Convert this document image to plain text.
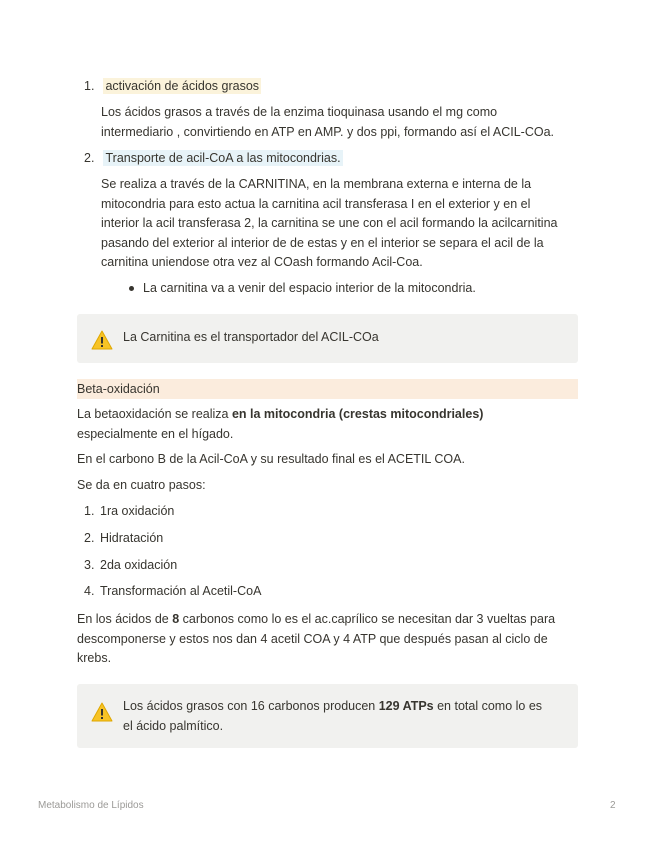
1. activación de ácidos grasos
Los ácidos grasos a través de la enzima tioquinasa usando el mg como
intermediario , convirtiendo en ATP en AMP. y dos ppi, formando así el ACIL-COa.
2. Transporte de acil-CoA a las mitocondrias.
Se realiza a través de la CARNITINA, en la membrana externa e interna de la
mitocondria para esto actua la carnitina acil transferasa I en el exterior y en el
interior la acil transferasa 2, la carnitina se une con el acil formando la acilcarnitina
pasando del exterior al interior de de estas y en el interior se separa el acil de la
carnitina uniendose otra vez al COash formando Acil-Coa.
La carnitina va a venir del espacio interior de la mitocondria.
La Carnitina es el transportador del ACIL-COa
Beta-oxidación
La betaoxidación se realiza en la mitocondria (crestas mitocondriales)
especialmente en el hígado.
En el carbono B de la Acil-CoA y su resultado final es el ACETIL COA.
Se da en cuatro pasos:
1. 1ra oxidación
2. Hidratación
3. 2da oxidación
4. Transformación al Acetil-CoA
En los ácidos de 8 carbonos como lo es el ac.caprílico se necesitan dar 3 vueltas para
descomponerse y estos nos dan 4 acetil COA y 4 ATP que después pasan al ciclo de
krebs.
Los ácidos grasos con 16 carbonos producen 129 ATPs en total como lo es
el ácido palmítico.
Metabolismo de Lípidos	2
